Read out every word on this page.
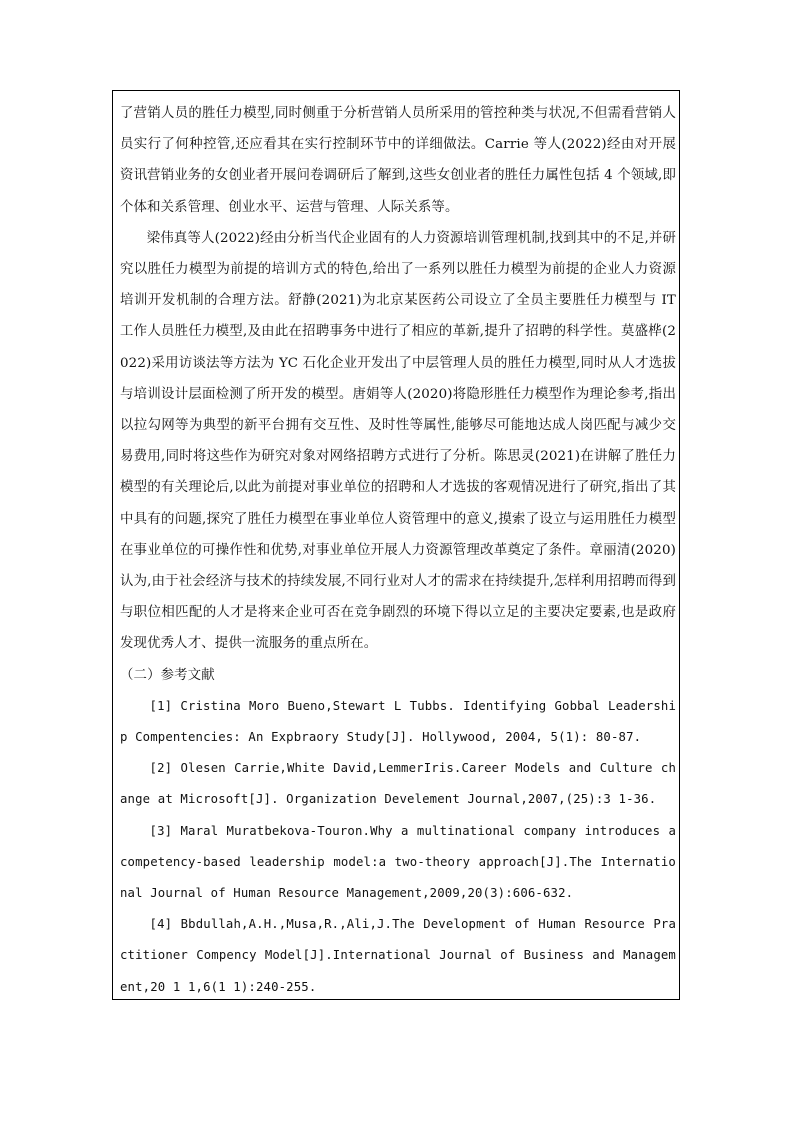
了营销人员的胜任力模型,同时侧重于分析营销人员所采用的管控种类与状况,不但需看营销人员实行了何种控管,还应看其在实行控制环节中的详细做法。Carrie 等人(2022)经由对开展资讯营销业务的女创业者开展问卷调研后了解到,这些女创业者的胜任力属性包括 4 个领域,即个体和关系管理、创业水平、运营与管理、人际关系等。

梁伟真等人(2022)经由分析当代企业固有的人力资源培训管理机制,找到其中的不足,并研究以胜任力模型为前提的培训方式的特色,给出了一系列以胜任力模型为前提的企业人力资源培训开发机制的合理方法。舒静(2021)为北京某医药公司设立了全员主要胜任力模型与 IT 工作人员胜任力模型,及由此在招聘事务中进行了相应的革新,提升了招聘的科学性。莫盛桦(2022)采用访谈法等方法为 YC 石化企业开发出了中层管理人员的胜任力模型,同时从人才选拔与培训设计层面检测了所开发的模型。唐娟等人(2020)将隐形胜任力模型作为理论参考,指出以拉勾网等为典型的新平台拥有交互性、及时性等属性,能够尽可能地达成人岗匹配与减少交易费用,同时将这些作为研究对象对网络招聘方式进行了分析。陈思灵(2021)在讲解了胜任力模型的有关理论后,以此为前提对事业单位的招聘和人才选拔的客观情况进行了研究,指出了其中具有的问题,探究了胜任力模型在事业单位人资管理中的意义,摸索了设立与运用胜任力模型在事业单位的可操作性和优势,对事业单位开展人力资源管理改革奠定了条件。章丽清(2020)认为,由于社会经济与技术的持续发展,不同行业对人才的需求在持续提升,怎样利用招聘而得到与职位相匹配的人才是将来企业可否在竞争剧烈的环境下得以立足的主要决定要素,也是政府发现优秀人才、提供一流服务的重点所在。

（二）参考文献

[1] Cristina Moro Bueno,Stewart L Tubbs. Identifying Gobbal Leadership Compentencies: An Expbraory Study[J]. Hollywood, 2004, 5(1): 80-87.

[2] Olesen Carrie,White David,LemmerIris.Career Models and Culture change at Microsoft[J]. Organization Develement Journal,2007,(25):3 1-36.

[3] Maral Muratbekova-Touron.Why a multinational company introduces a competency-based leadership model:a two-theory approach[J].The International Journal of Human Resource Management,2009,20(3):606-632.

[4] Bbdullah,A.H.,Musa,R.,Ali,J.The Development of Human Resource Practitioner Compency Model[J].International Journal of Business and Management,20 1 1,6(1 1):240-255.
